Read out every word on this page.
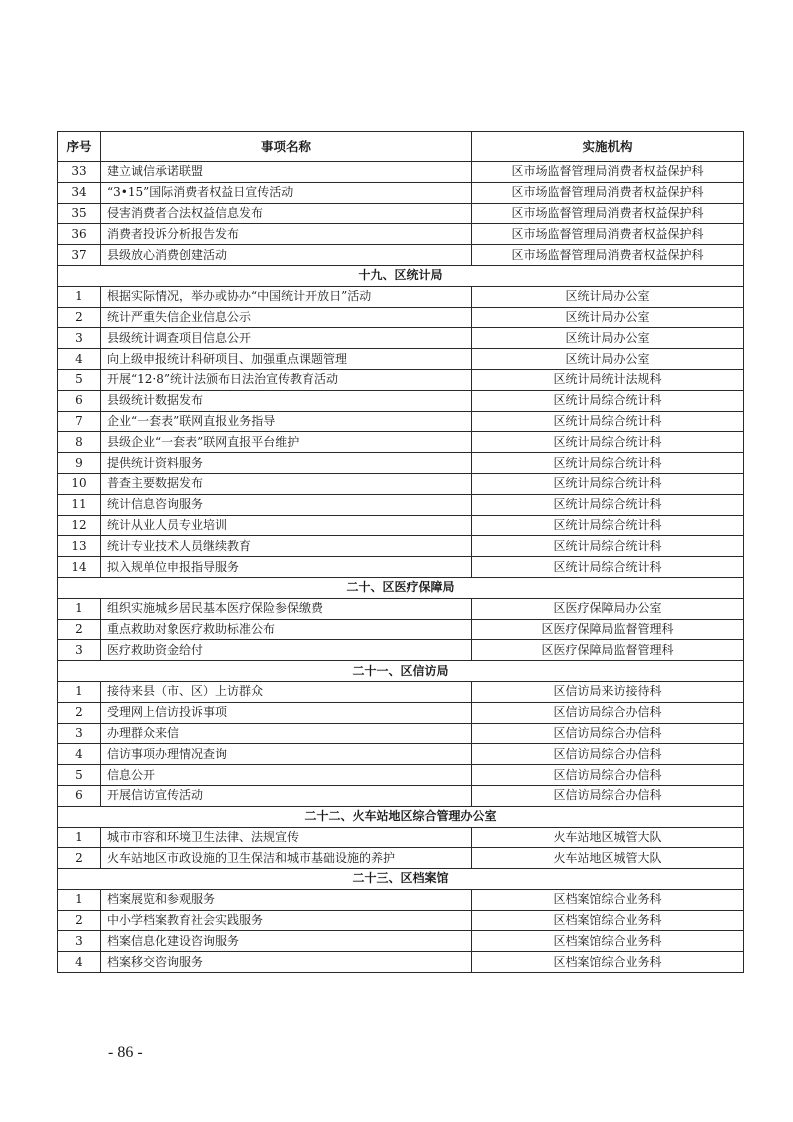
序号	事项名称	实施机构
33	建立诚信承诺联盟	区市场监督管理局消费者权益保护科
34	“3•15”国际消费者权益日宣传活动	区市场监督管理局消费者权益保护科
35	侵害消费者合法权益信息发布	区市场监督管理局消费者权益保护科
36	消费者投诉分析报告发布	区市场监督管理局消费者权益保护科
37	县级放心消费创建活动	区市场监督管理局消费者权益保护科
十九、区统计局		
1	根据实际情况，举办或协办“中国统计开放日”活动	区统计局办公室
2	统计严重失信企业信息公示	区统计局办公室
3	县级统计调查项目信息公开	区统计局办公室
4	向上级申报统计科研项目、加强重点课题管理	区统计局办公室
5	开展“12·8”统计法颁布日法治宣传教育活动	区统计局统计法规科
6	县级统计数据发布	区统计局综合统计科
7	企业“一套表”联网直报业务指导	区统计局综合统计科
8	县级企业“一套表”联网直报平台维护	区统计局综合统计科
9	提供统计资料服务	区统计局综合统计科
10	普查主要数据发布	区统计局综合统计科
11	统计信息咨询服务	区统计局综合统计科
12	统计从业人员专业培训	区统计局综合统计科
13	统计专业技术人员继续教育	区统计局综合统计科
14	拟入规单位申报指导服务	区统计局综合统计科
二十、区医疗保障局		
1	组织实施城乡居民基本医疗保险参保缴费	区医疗保障局办公室
2	重点救助对象医疗救助标准公布	区医疗保障局监督管理科
3	医疗救助资金给付	区医疗保障局监督管理科
二十一、区信访局		
1	接待来县（市、区）上访群众	区信访局来访接待科
2	受理网上信访投诉事项	区信访局综合办信科
3	办理群众来信	区信访局综合办信科
4	信访事项办理情况查询	区信访局综合办信科
5	信息公开	区信访局综合办信科
6	开展信访宣传活动	区信访局综合办信科
二十二、火车站地区综合管理办公室		
1	城市市容和环境卫生法律、法规宣传	火车站地区城管大队
2	火车站地区市政设施的卫生保洁和城市基础设施的养护	火车站地区城管大队
二十三、区档案馆		
1	档案展览和参观服务	区档案馆综合业务科
2	中小学档案教育社会实践服务	区档案馆综合业务科
3	档案信息化建设咨询服务	区档案馆综合业务科
4	档案移交咨询服务	区档案馆综合业务科
- 86 -
